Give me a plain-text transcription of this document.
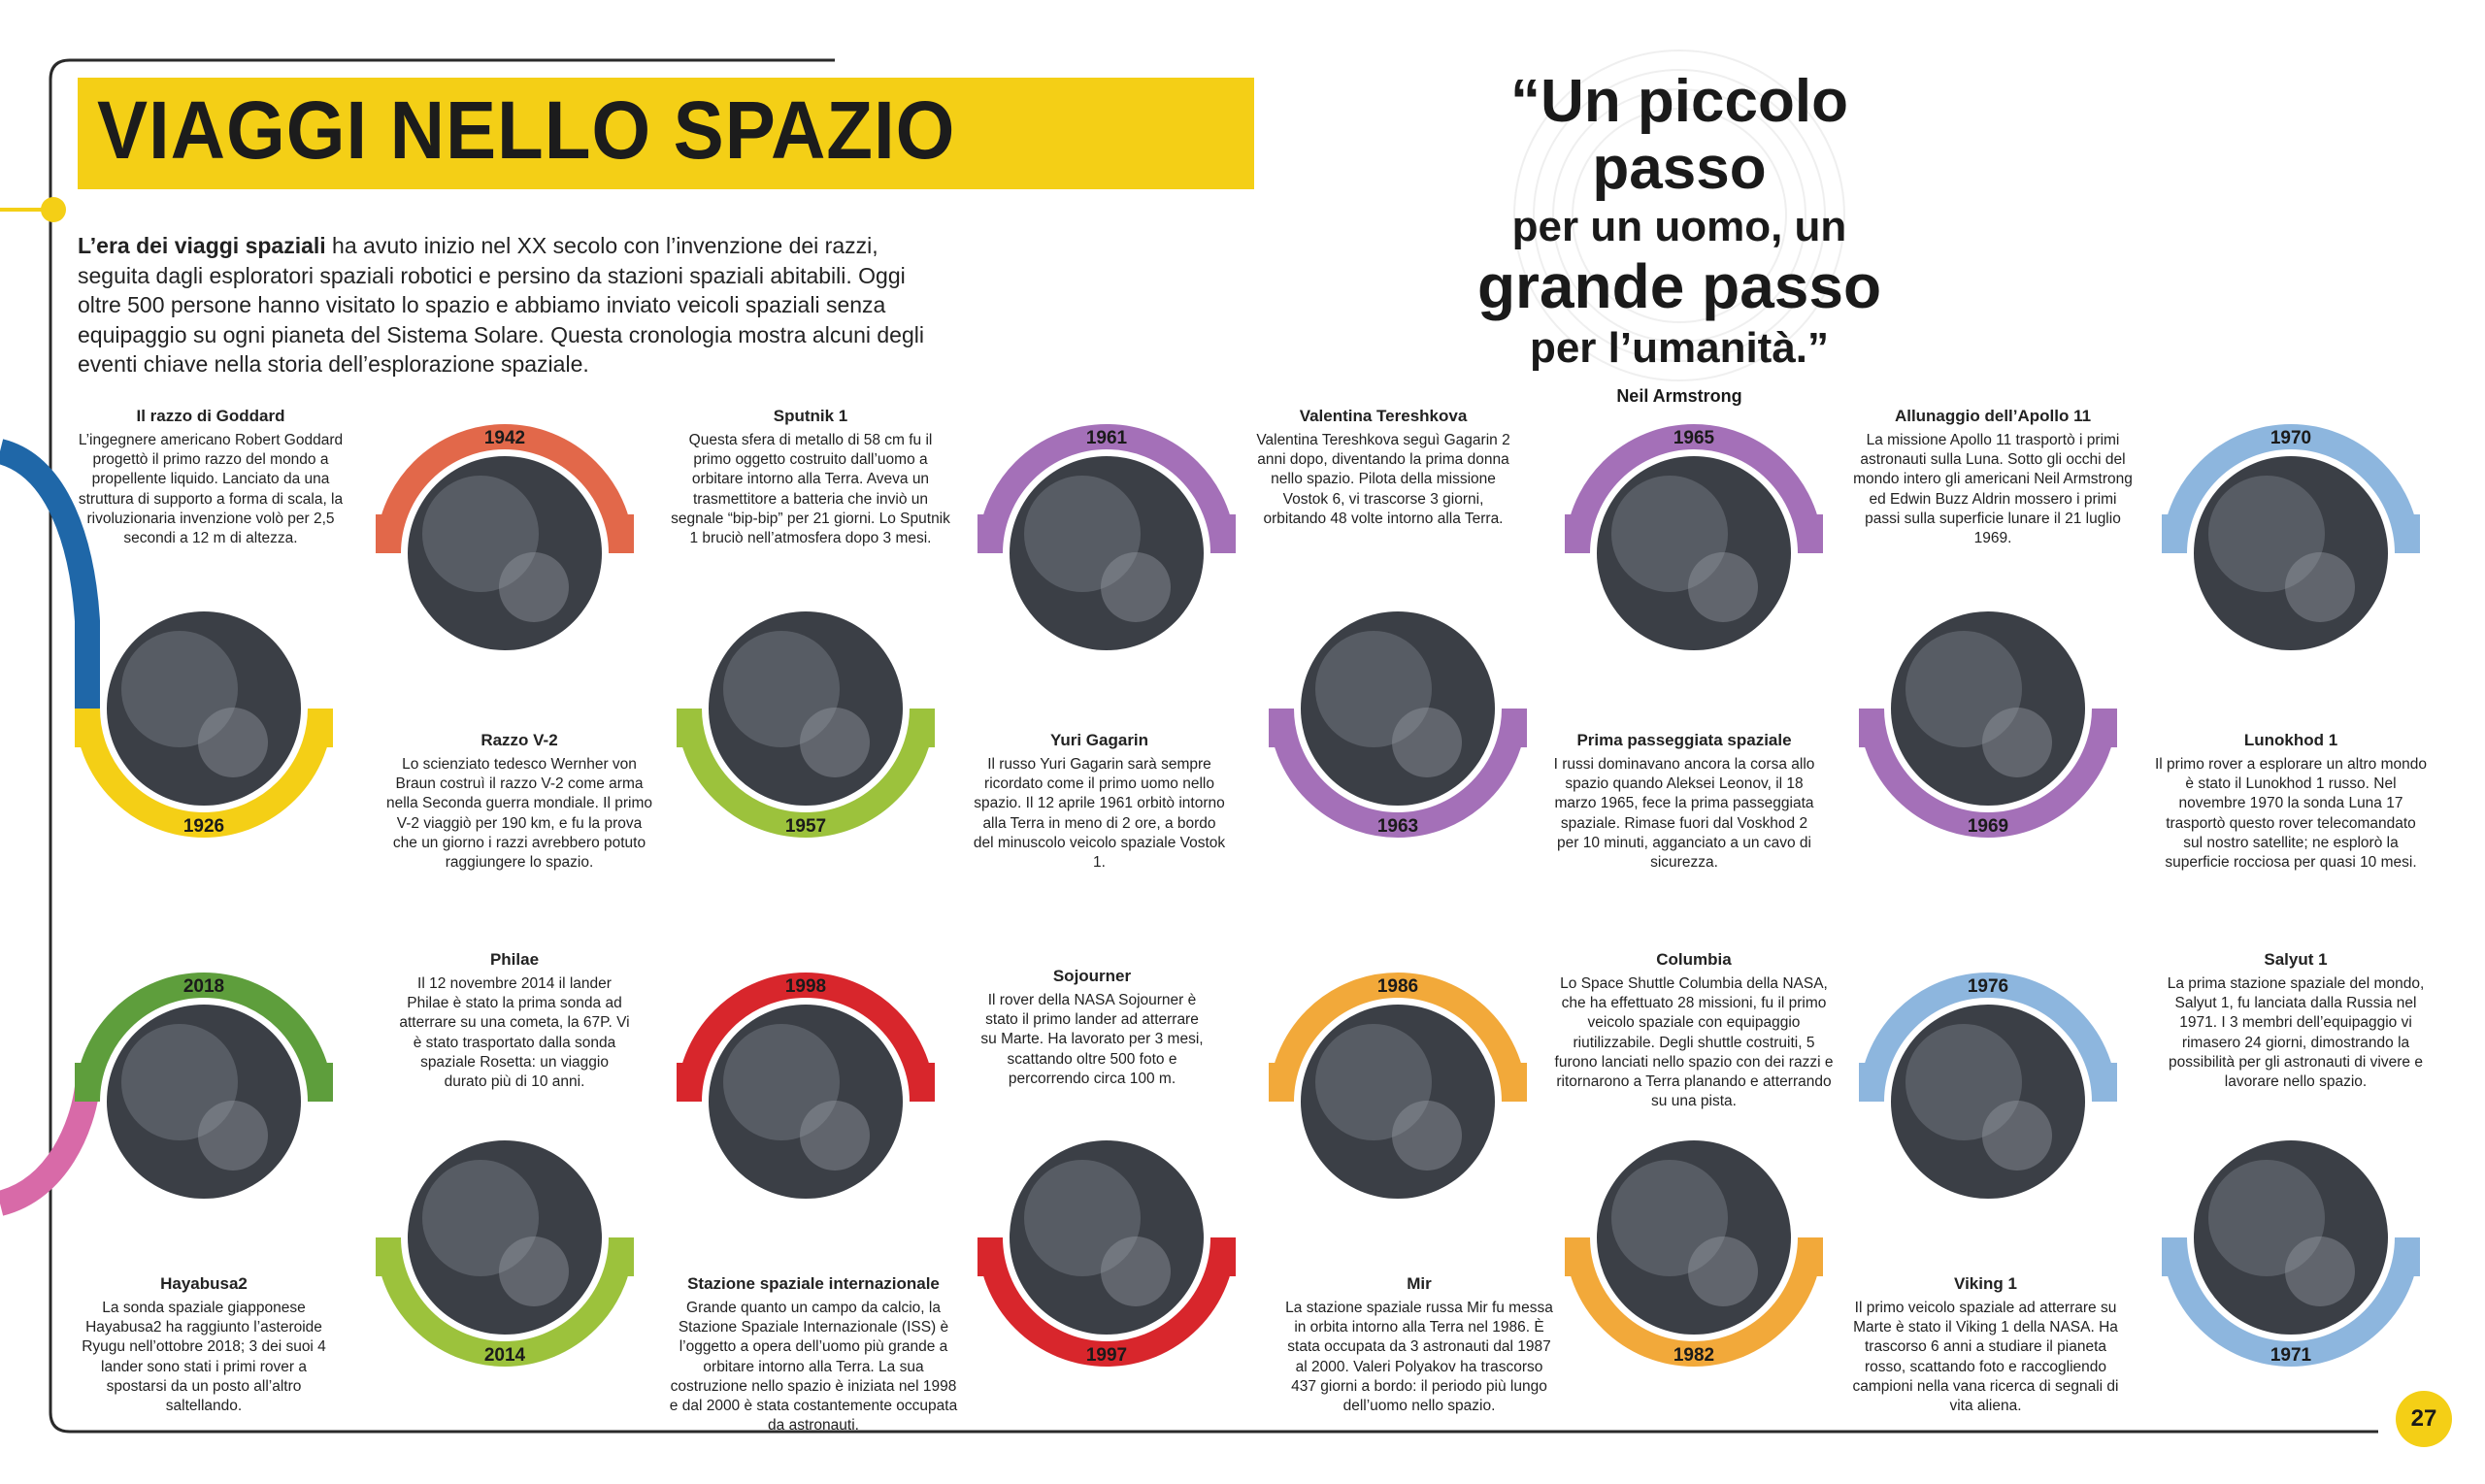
1926
1942
1957
1961
1963
1965
1969
1970
1971
1976
1982
1986
1997
1998
2014
2018
VIAGGI NELLO SPAZIO

L’era dei viaggi spaziali ha avuto inizio nel XX secolo con l’invenzione dei razzi, seguita dagli esploratori spaziali robotici e persino da stazioni spaziali abitabili. Oggi oltre 500 persone hanno visitato lo spazio e abbiamo inviato veicoli spaziali senza equipaggio su ogni pianeta del Sistema Solare. Questa cronologia mostra alcuni degli eventi chiave nella storia dell’esplorazione spaziale.

“Un piccolo passo
per un uomo, un
grande passo
per l’umanità.”
Neil Armstrong
Il razzo di Goddard
L’ingegnere americano Robert Goddard progettò il primo razzo del mondo a propellente liquido. Lanciato da una struttura di supporto a forma di scala, la rivoluzionaria invenzione volò per 2,5 secondi a 12 m di altezza.
Razzo V-2
Lo scienziato tedesco Wernher von Braun costruì il razzo V-2 come arma nella Seconda guerra mondiale. Il primo V-2 viaggiò per 190 km, e fu la prova che un giorno i razzi avrebbero potuto raggiungere lo spazio.
Sputnik 1
Questa sfera di metallo di 58 cm fu il primo oggetto costruito dall’uomo a orbitare intorno alla Terra. Aveva un trasmettitore a batteria che inviò un segnale “bip-bip” per 21 giorni. Lo Sputnik 1 bruciò nell’atmosfera dopo 3 mesi.
Yuri Gagarin
Il russo Yuri Gagarin sarà sempre ricordato come il primo uomo nello spazio. Il 12 aprile 1961 orbitò intorno alla Terra in meno di 2 ore, a bordo del minuscolo veicolo spaziale Vostok 1.
Valentina Tereshkova
Valentina Tereshkova seguì Gagarin 2 anni dopo, diventando la prima donna nello spazio. Pilota della missione Vostok 6, vi trascorse 3 giorni, orbitando 48 volte intorno alla Terra.
Prima passeggiata spaziale
I russi dominavano ancora la corsa allo spazio quando Aleksei Leonov, il 18 marzo 1965, fece la prima passeggiata spaziale. Rimase fuori dal Voskhod 2 per 10 minuti, agganciato a un cavo di sicurezza.
Allunaggio dell’Apollo 11
La missione Apollo 11 trasportò i primi astronauti sulla Luna. Sotto gli occhi del mondo intero gli americani Neil Armstrong ed Edwin Buzz Aldrin mossero i primi passi sulla superficie lunare il 21 luglio 1969.
Lunokhod 1
Il primo rover a esplorare un altro mondo è stato il Lunokhod 1 russo. Nel novembre 1970 la sonda Luna 17 trasportò questo rover telecomandato sul nostro satellite; ne esplorò la superficie rocciosa per quasi 10 mesi.
Salyut 1
La prima stazione spaziale del mondo, Salyut 1, fu lanciata dalla Russia nel 1971. I 3 membri dell’equipaggio vi rimasero 24 giorni, dimostrando la possibilità per gli astronauti di vivere e lavorare nello spazio.
Viking 1
Il primo veicolo spaziale ad atterrare su Marte è stato il Viking 1 della NASA. Ha trascorso 6 anni a studiare il pianeta rosso, scattando foto e raccogliendo campioni nella vana ricerca di segnali di vita aliena.
Columbia
Lo Space Shuttle Columbia della NASA, che ha effettuato 28 missioni, fu il primo veicolo spaziale con equipaggio riutilizzabile. Degli shuttle costruiti, 5 furono lanciati nello spazio con dei razzi e ritornarono a Terra planando e atterrando su una pista.
Mir
La stazione spaziale russa Mir fu messa in orbita intorno alla Terra nel 1986. È stata occupata da 3 astronauti dal 1987 al 2000. Valeri Polyakov ha trascorso 437 giorni a bordo: il periodo più lungo dell’uomo nello spazio.
Sojourner
Il rover della NASA Sojourner è stato il primo lander ad atterrare su Marte. Ha lavorato per 3 mesi, scattando oltre 500 foto e percorrendo circa 100 m.
Stazione spaziale internazionale
Grande quanto un campo da calcio, la Stazione Spaziale Internazionale (ISS) è l’oggetto a opera dell’uomo più grande a orbitare intorno alla Terra. La sua costruzione nello spazio è iniziata nel 1998 e dal 2000 è stata costantemente occupata da astronauti.
Philae
Il 12 novembre 2014 il lander Philae è stato la prima sonda ad atterrare su una cometa, la 67P. Vi è stato trasportato dalla sonda spaziale Rosetta: un viaggio durato più di 10 anni.
Hayabusa2
La sonda spaziale giapponese Hayabusa2 ha raggiunto l’asteroide Ryugu nell’ottobre 2018; 3 dei suoi 4 lander sono stati i primi rover a spostarsi da un posto all’altro saltellando.	27
